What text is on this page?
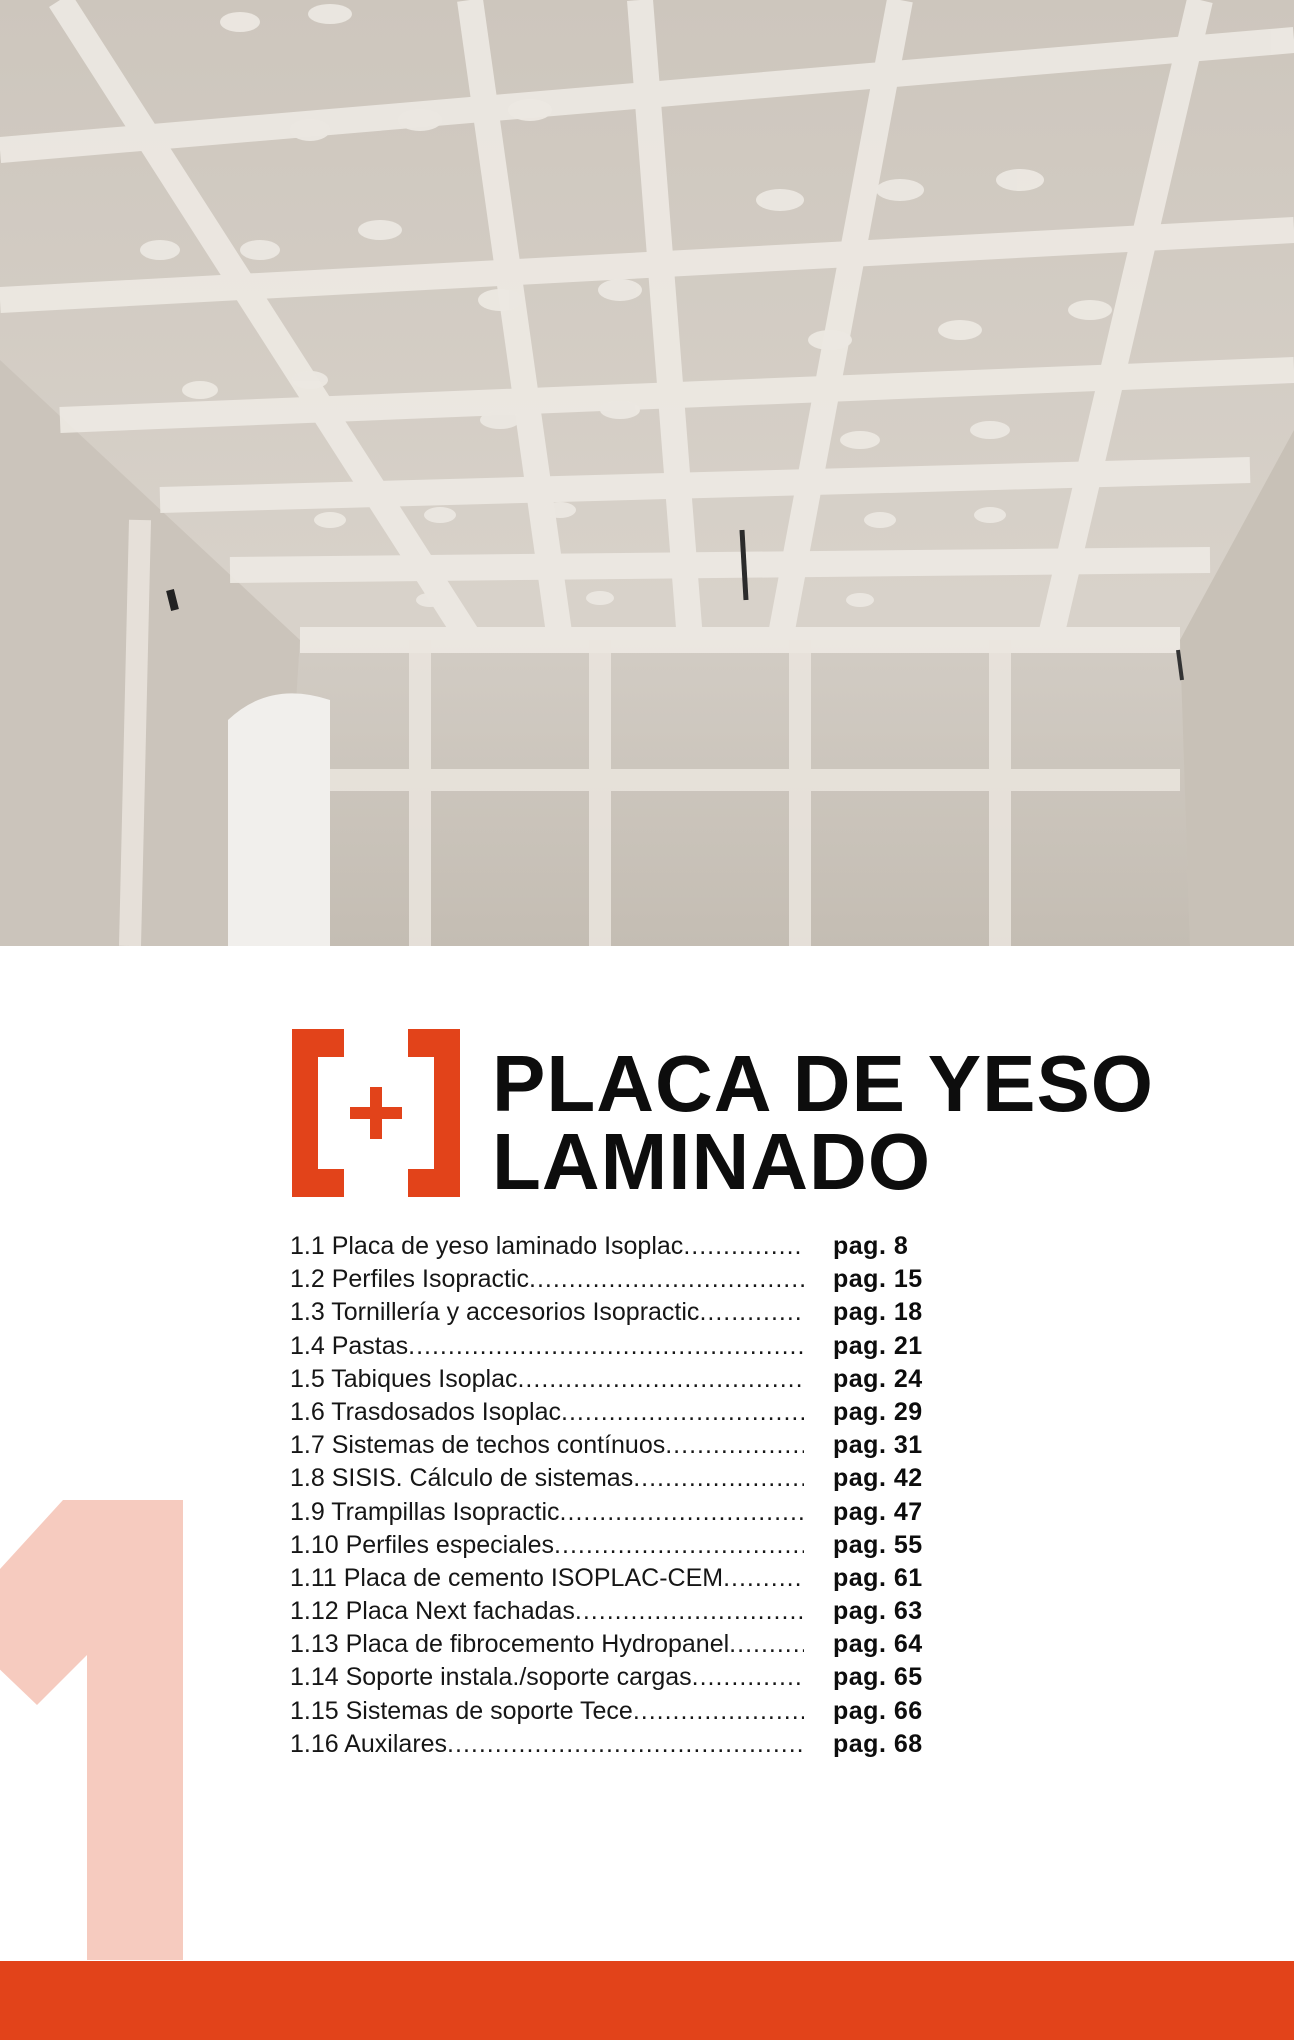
PLACA DE YESO
LAMINADO
1.1 Placa de yeso laminado Isoplac .....	pag. 8
1.2 Perfiles Isopractic .....	pag. 15
1.3 Tornillería y accesorios Isopractic .....	pag. 18
1.4 Pastas .....	pag. 21
1.5 Tabiques Isoplac .....	pag. 24
1.6 Trasdosados Isoplac .....	pag. 29
1.7 Sistemas de techos contínuos .....	pag. 31
1.8 SISIS. Cálculo de sistemas .....	pag. 42
1.9 Trampillas Isopractic .....	pag. 47
1.10 Perfiles especiales .....	pag. 55
1.11 Placa de cemento ISOPLAC-CEM .....	pag. 61
1.12 Placa Next fachadas .....	pag. 63
1.13 Placa de fibrocemento Hydropanel .....	pag. 64
1.14 Soporte instala./soporte cargas .....	pag. 65
1.15 Sistemas de soporte Tece .....	pag. 66
1.16 Auxilares .....	pag. 68
